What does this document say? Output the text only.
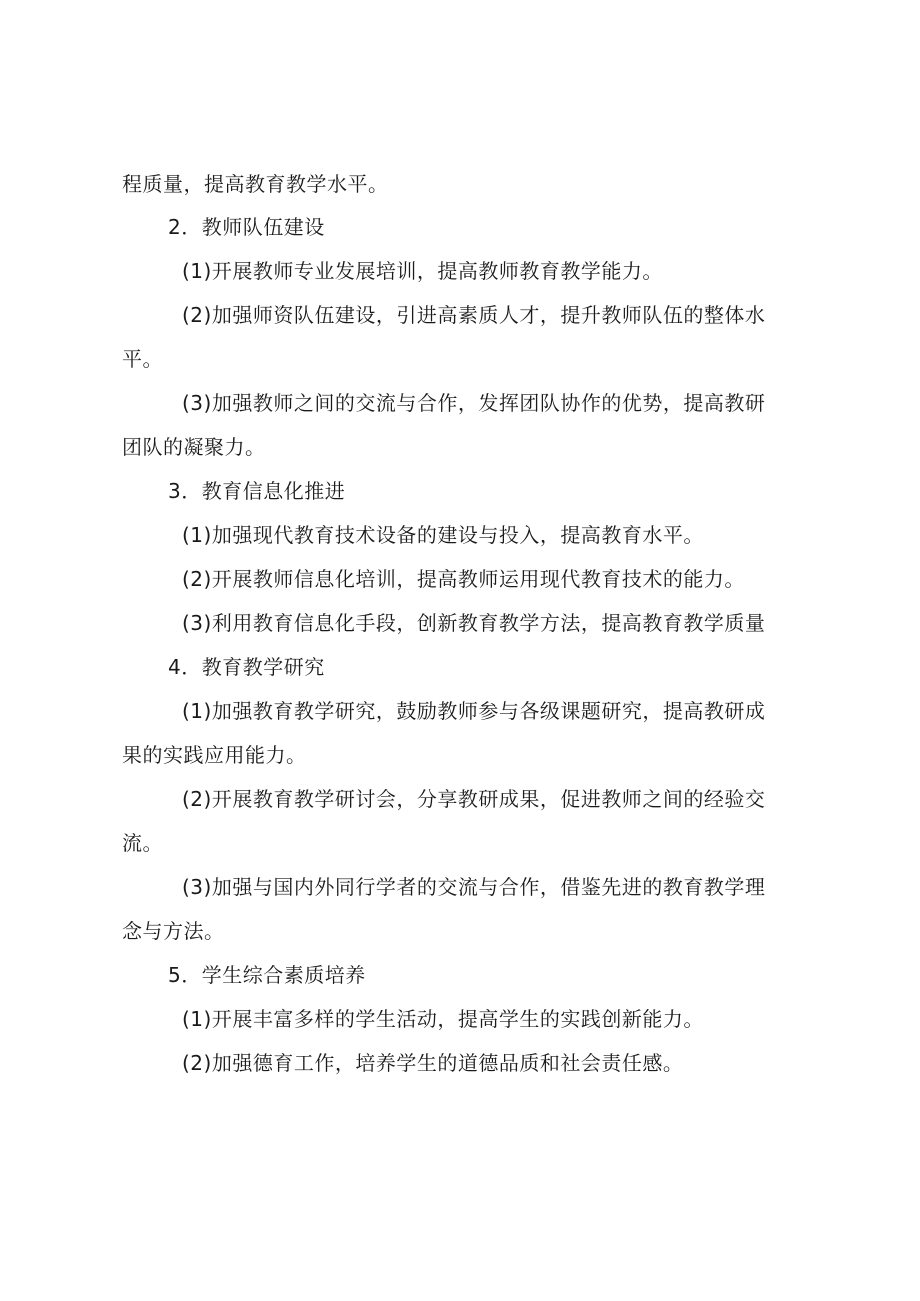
程质量，提高教育教学水平。
2．教师队伍建设
(1)开展教师专业发展培训，提高教师教育教学能力。
(2)加强师资队伍建设，引进高素质人才，提升教师队伍的整体水
平。
(3)加强教师之间的交流与合作，发挥团队协作的优势，提高教研
团队的凝聚力。
3．教育信息化推进
(1)加强现代教育技术设备的建设与投入，提高教育水平。
(2)开展教师信息化培训，提高教师运用现代教育技术的能力。
(3)利用教育信息化手段，创新教育教学方法，提高教育教学质量
4．教育教学研究
(1)加强教育教学研究，鼓励教师参与各级课题研究，提高教研成
果的实践应用能力。
(2)开展教育教学研讨会，分享教研成果，促进教师之间的经验交
流。
(3)加强与国内外同行学者的交流与合作，借鉴先进的教育教学理
念与方法。
5．学生综合素质培养
(1)开展丰富多样的学生活动，提高学生的实践创新能力。
(2)加强德育工作，培养学生的道德品质和社会责任感。
